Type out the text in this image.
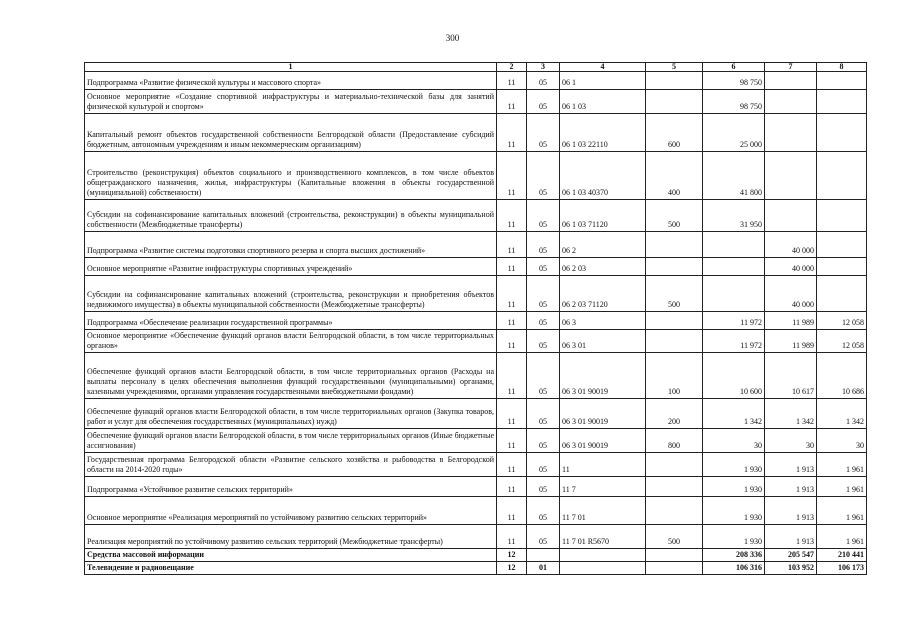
300
1	2	3	4	5	6	7	8
Подпрограмма «Развитие физической культуры и массового спорта»	11	05	06 1		98 750		
Основное мероприятие «Создание спортивной инфраструктуры и материально-технической базы для занятий физической культурой и спортом»	11	05	06 1 03		98 750		
Капитальный ремонт объектов государственной собственности Белгородской области (Предоставление субсидий бюджетным, автономным учреждениям и иным некоммерческим организациям)	11	05	06 1 03 22110	600	25 000		
Строительство (реконструкция) объектов социального и производственного комплексов, в том числе объектов общегражданского назначения, жилья, инфраструктуры (Капитальные вложения в объекты государственной (муниципальной) собственности)	11	05	06 1 03 40370	400	41 800		
Субсидии на софинансирование капитальных вложений (строительства, реконструкции) в объекты муниципальной собственности (Межбюджетные трансферты)	11	05	06 1 03 71120	500	31 950		
Подпрограмма «Развитие системы подготовки спортивного резерва и спорта высших достижений»	11	05	06 2			40 000	
Основное мероприятие «Развитие инфраструктуры спортивных учреждений»	11	05	06 2 03			40 000	
Субсидии на софинансирование капитальных вложений (строительства, реконструкции и приобретения объектов недвижимого имущества) в объекты муниципальной собственности (Межбюджетные трансферты)	11	05	06 2 03 71120	500		40 000	
Подпрограмма «Обеспечение реализации государственной программы»	11	05	06 3		11 972	11 989	12 058
Основное мероприятие «Обеспечение функций органов власти Белгородской области, в том числе территориальных органов»	11	05	06 3 01		11 972	11 989	12 058
Обеспечение функций органов власти Белгородской области, в том числе территориальных органов (Расходы на выплаты персоналу в целях обеспечения выполнения функций государственными (муниципальными) органами, казенными учреждениями, органами управления государственными внебюджетными фондами)	11	05	06 3 01 90019	100	10 600	10 617	10 686
Обеспечение функций органов власти Белгородской области, в том числе территориальных органов (Закупка товаров, работ и услуг для обеспечения государственных (муниципальных) нужд)	11	05	06 3 01 90019	200	1 342	1 342	1 342
Обеспечение функций органов власти Белгородской области, в том числе территориальных органов (Иные бюджетные ассигнования)	11	05	06 3 01 90019	800	30	30	30
Государственная программа Белгородской области «Развитие сельского хозяйства и рыбоводства в Белгородской области на 2014-2020 годы»	11	05	11		1 930	1 913	1 961
Подпрограмма «Устойчивое развитие сельских территорий»	11	05	11 7		1 930	1 913	1 961
Основное мероприятие «Реализация мероприятий по устойчивому развитию сельских территорий»	11	05	11 7 01		1 930	1 913	1 961
Реализация мероприятий по устойчивому развитию сельских территорий (Межбюджетные трансферты)	11	05	11 7 01 R5670	500	1 930	1 913	1 961
Средства массовой информации	12				208 336	205 547	210 441
Телевидение и радиовещание	12	01			106 316	103 952	106 173
